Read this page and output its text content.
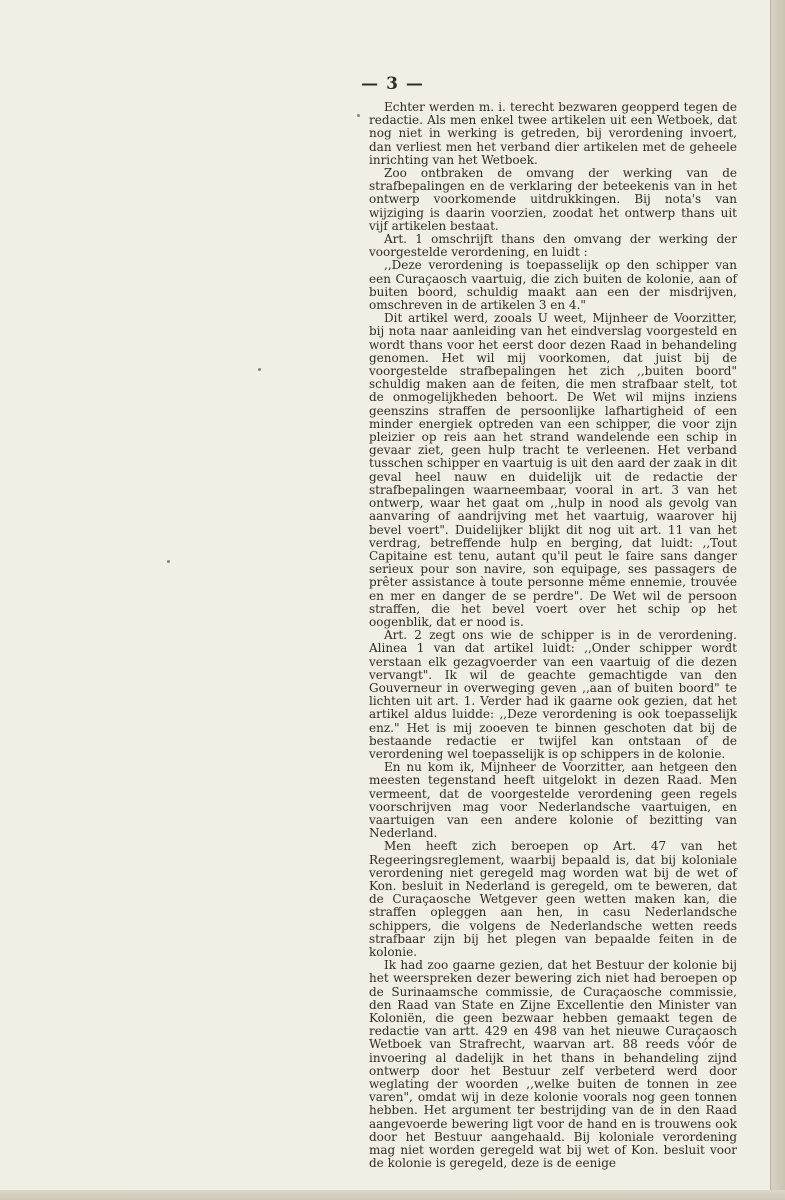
— 3 —

Echter werden m. i. terecht bezwaren geopperd tegen de redactie. Als men enkel twee artikelen uit een Wetboek, dat nog niet in werking is getreden, bij verordening invoert, dan verliest men het verband dier artikelen met de geheele inrichting van het Wetboek.

Zoo ontbraken de omvang der werking van de strafbepalingen en de verklaring der beteekenis van in het ontwerp voorkomende uitdrukkingen. Bij nota's van wijziging is daarin voorzien, zoodat het ontwerp thans uit vijf artikelen bestaat.

Art. 1 omschrijft thans den omvang der werking der voorgestelde verordening, en luidt :

,,Deze verordening is toepasselijk op den schipper van een Curaçaosch vaartuig, die zich buiten de kolonie, aan of buiten boord, schuldig maakt aan een der misdrijven, omschreven in de artikelen 3 en 4."

Dit artikel werd, zooals U weet, Mijnheer de Voorzitter, bij nota naar aanleiding van het eindverslag voorgesteld en wordt thans voor het eerst door dezen Raad in behandeling genomen. Het wil mij voorkomen, dat juist bij de voorgestelde strafbepalingen het zich ,,buiten boord" schuldig maken aan de feiten, die men strafbaar stelt, tot de onmogelijkheden behoort. De Wet wil mijns inziens geenszins straffen de persoonlijke lafhartigheid of een minder energiek optreden van een schipper, die voor zijn pleizier op reis aan het strand wandelende een schip in gevaar ziet, geen hulp tracht te verleenen. Het verband tusschen schipper en vaartuig is uit den aard der zaak in dit geval heel nauw en duidelijk uit de redactie der strafbepalingen waarneembaar, vooral in art. 3 van het ontwerp, waar het gaat om ,,hulp in nood als gevolg van aanvaring of aandrijving met het vaartuig, waarover hij bevel voert". Duidelijker blijkt dit nog uit art. 11 van het verdrag, betreffende hulp en berging, dat luidt: ,,Tout Capitaine est tenu, autant qu'il peut le faire sans danger serieux pour son navire, son equipage, ses passagers de prêter assistance à toute personne même ennemie, trouvée en mer en danger de se perdre". De Wet wil de persoon straffen, die het bevel voert over het schip op het oogenblik, dat er nood is.

Art. 2 zegt ons wie de schipper is in de verordening. Alinea 1 van dat artikel luidt: ,,Onder schipper wordt verstaan elk gezagvoerder van een vaartuig of die dezen vervangt". Ik wil de geachte gemachtigde van den Gouverneur in overweging geven ,,aan of buiten boord" te lichten uit art. 1. Verder had ik gaarne ook gezien, dat het artikel aldus luidde: ,,Deze verordening is ook toepasselijk enz." Het is mij zooeven te binnen geschoten dat bij de bestaande redactie er twijfel kan ontstaan of de verordening wel toepasselijk is op schippers in de kolonie.

En nu kom ik, Mijnheer de Voorzitter, aan hetgeen den meesten tegenstand heeft uitgelokt in dezen Raad. Men vermeent, dat de voorgestelde verordening geen regels voorschrijven mag voor Nederlandsche vaartuigen, en vaartuigen van een andere kolonie of bezitting van Nederland.

Men heeft zich beroepen op Art. 47 van het Regeeringsreglement, waarbij bepaald is, dat bij koloniale verordening niet geregeld mag worden wat bij de wet of Kon. besluit in Nederland is geregeld, om te beweren, dat de Curaçaosche Wetgever geen wetten maken kan, die straffen opleggen aan hen, in casu Nederlandsche schippers, die volgens de Nederlandsche wetten reeds strafbaar zijn bij het plegen van bepaalde feiten in de kolonie.

Ik had zoo gaarne gezien, dat het Bestuur der kolonie bij het weerspreken dezer bewering zich niet had beroepen op de Surinaamsche commissie, de Curaçaosche commissie, den Raad van State en Zijne Excellentie den Minister van Koloniën, die geen bezwaar hebben gemaakt tegen de redactie van artt. 429 en 498 van het nieuwe Curaçaosch Wetboek van Strafrecht, waarvan art. 88 reeds vóór de invoering al dadelijk in het thans in behandeling zijnd ontwerp door het Bestuur zelf verbeterd werd door weglating der woorden ,,welke buiten de tonnen in zee varen", omdat wij in deze kolonie voorals nog geen tonnen hebben. Het argument ter bestrijding van de in den Raad aangevoerde bewering ligt voor de hand en is trouwens ook door het Bestuur aangehaald. Bij koloniale verordening mag niet worden geregeld wat bij wet of Kon. besluit voor de kolonie is geregeld, deze is de eenige
